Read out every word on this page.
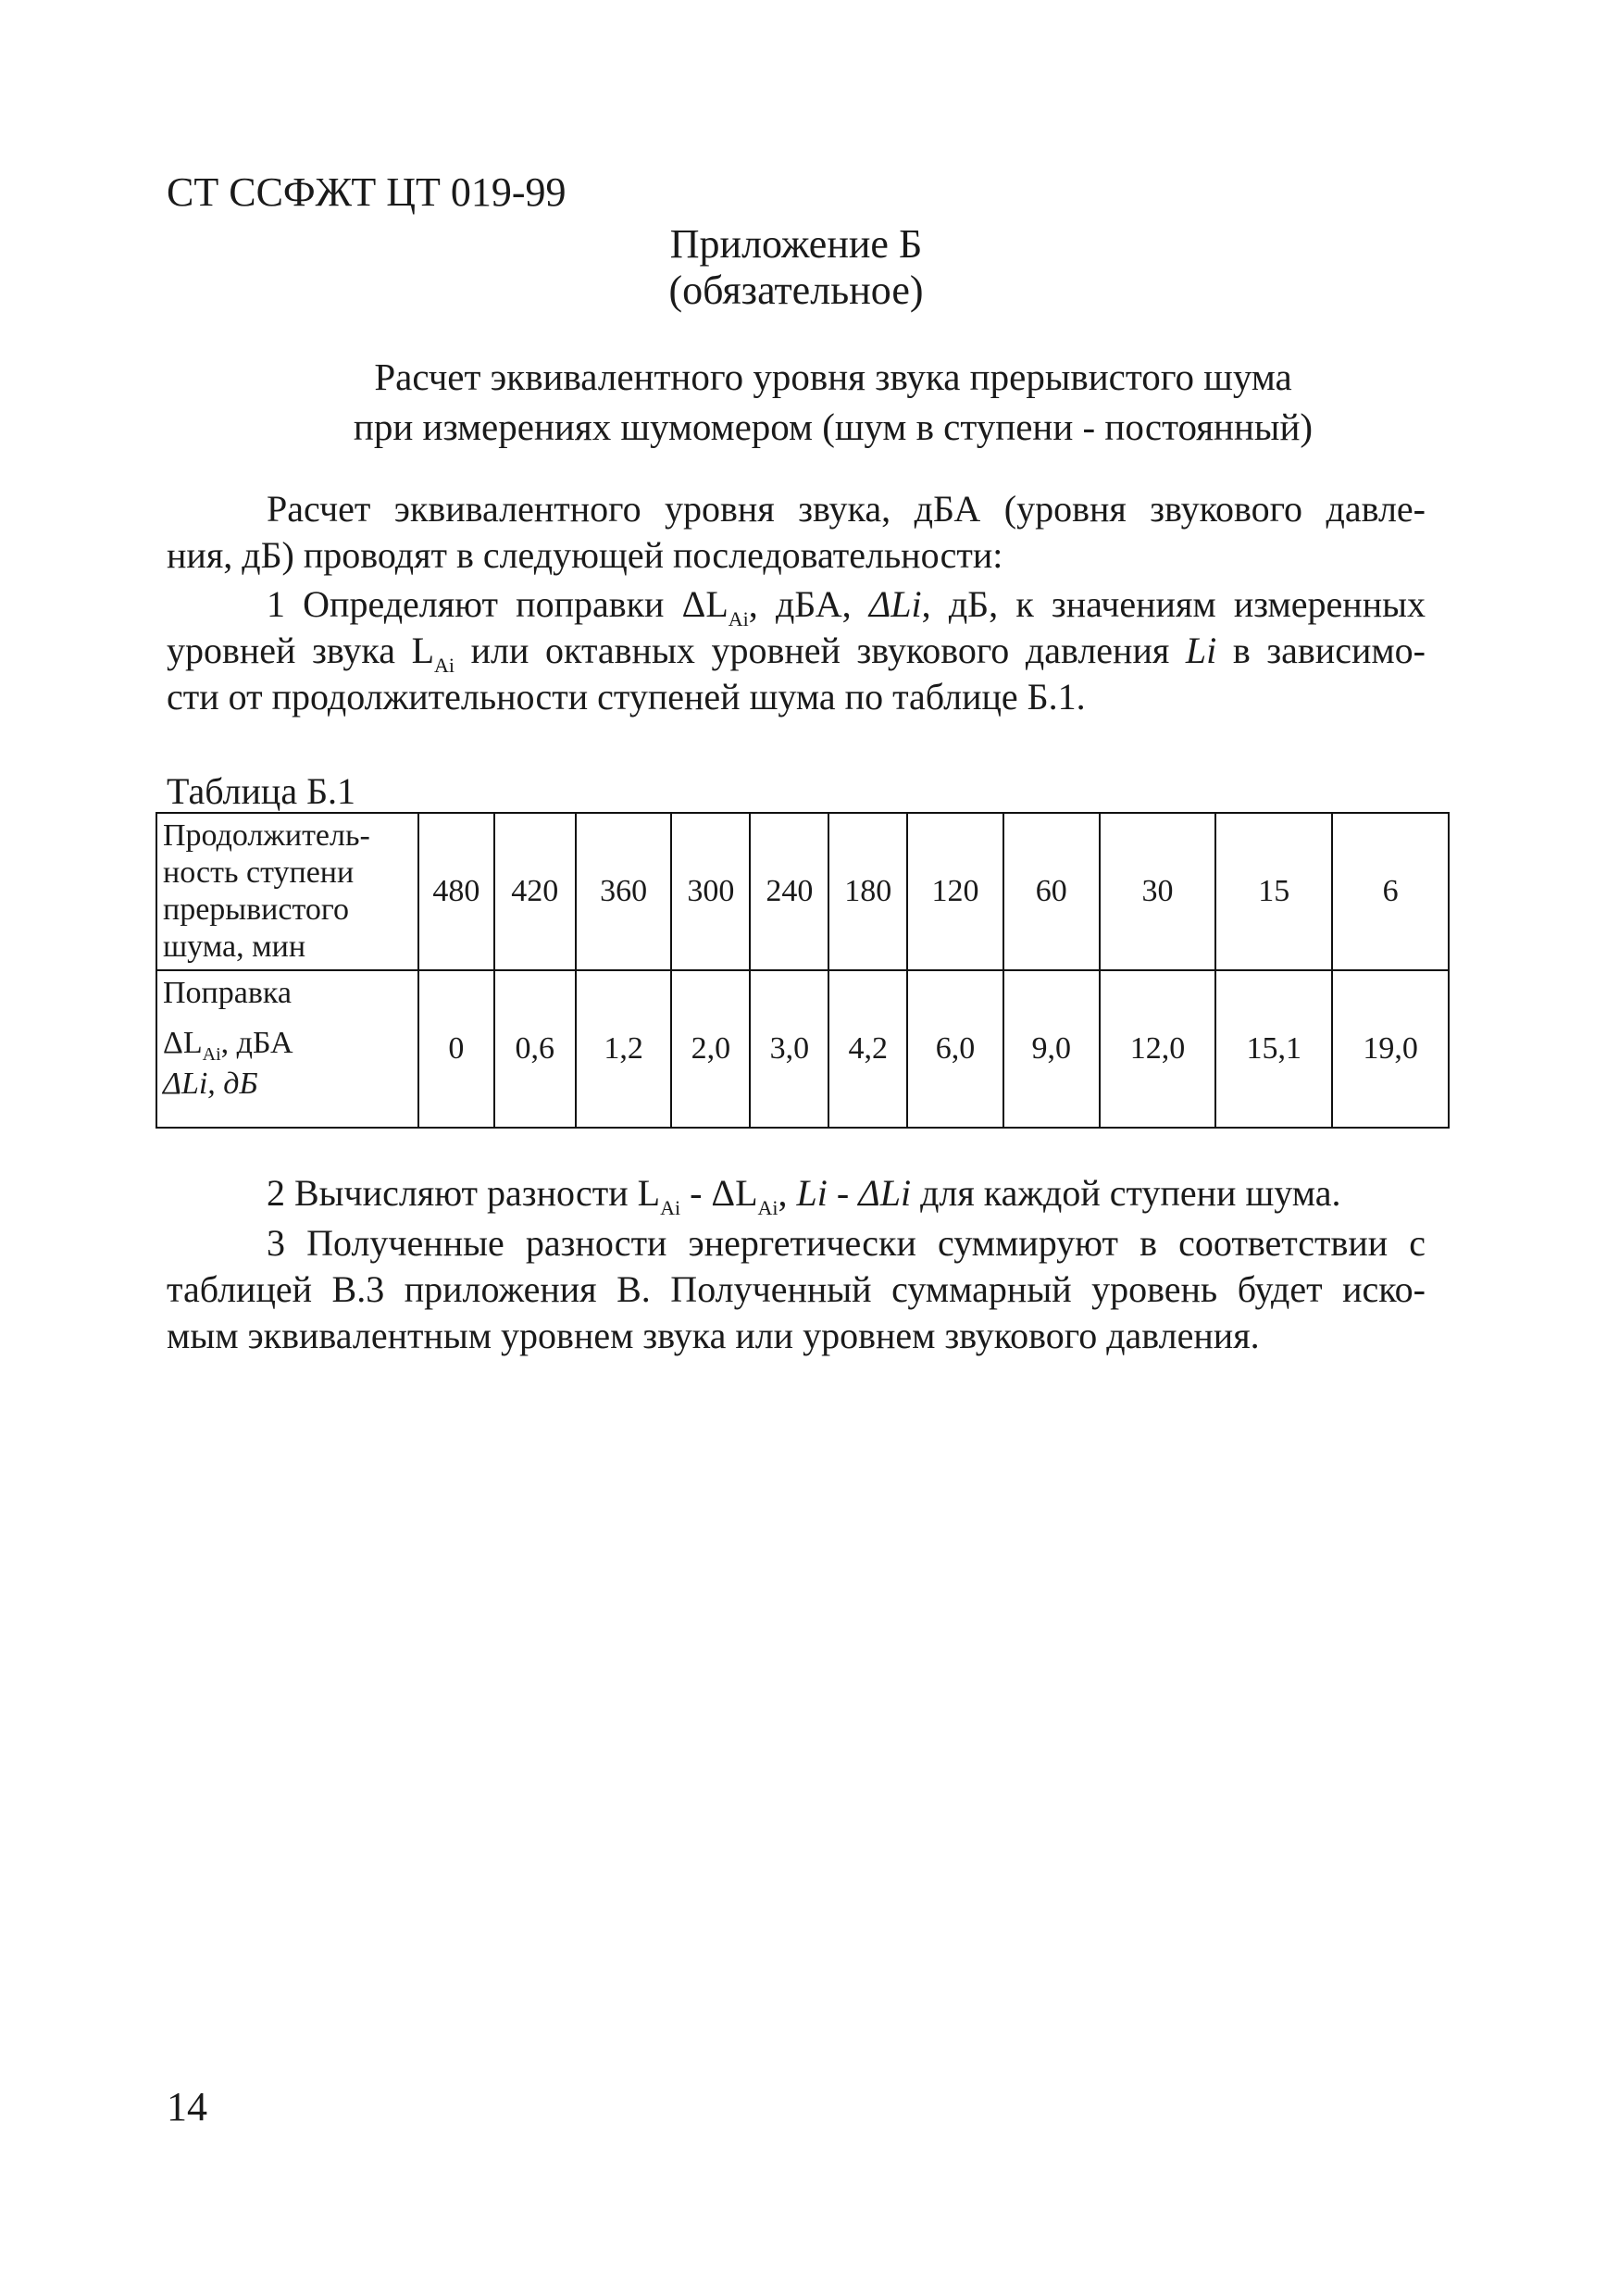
СТ ССФЖТ ЦТ 019-99
Приложение Б
(обязательное)
Расчет эквивалентного уровня звука прерывистого шума
при измерениях шумомером (шум в ступени - постоянный)
Расчет эквивалентного уровня звука, дБА (уровня звукового давле-
ния, дБ) проводят в следующей последовательности:
1 Определяют поправки $\Delta L_{Ai}$, дБА, ΔLi, дБ, к значениям измеренных
уровней звука $L_{Ai}$ или октавных уровней звукового давления Li в зависимо-
сти от продолжительности ступеней шума по таблице Б.1.
Таблица Б.1
Продолжитель-
ность ступени
прерывистого
шума, мин	480	420	360	300	240	180	120	60	30	15	6

Поправка
$\Delta L_{Ai}$, дБА
ΔLi, дБ	0	0,6	1,2	2,0	3,0	4,2	6,0	9,0	12,0	15,1	19,0
2 Вычисляют разности $L_{Ai} - \Delta L_{Ai}$, Li - ΔLi для каждой ступени шума.
3 Полученные разности энергетически суммируют в соответствии с
таблицей В.3 приложения В. Полученный суммарный уровень будет иско-
мым эквивалентным уровнем звука или уровнем звукового давления.
14
